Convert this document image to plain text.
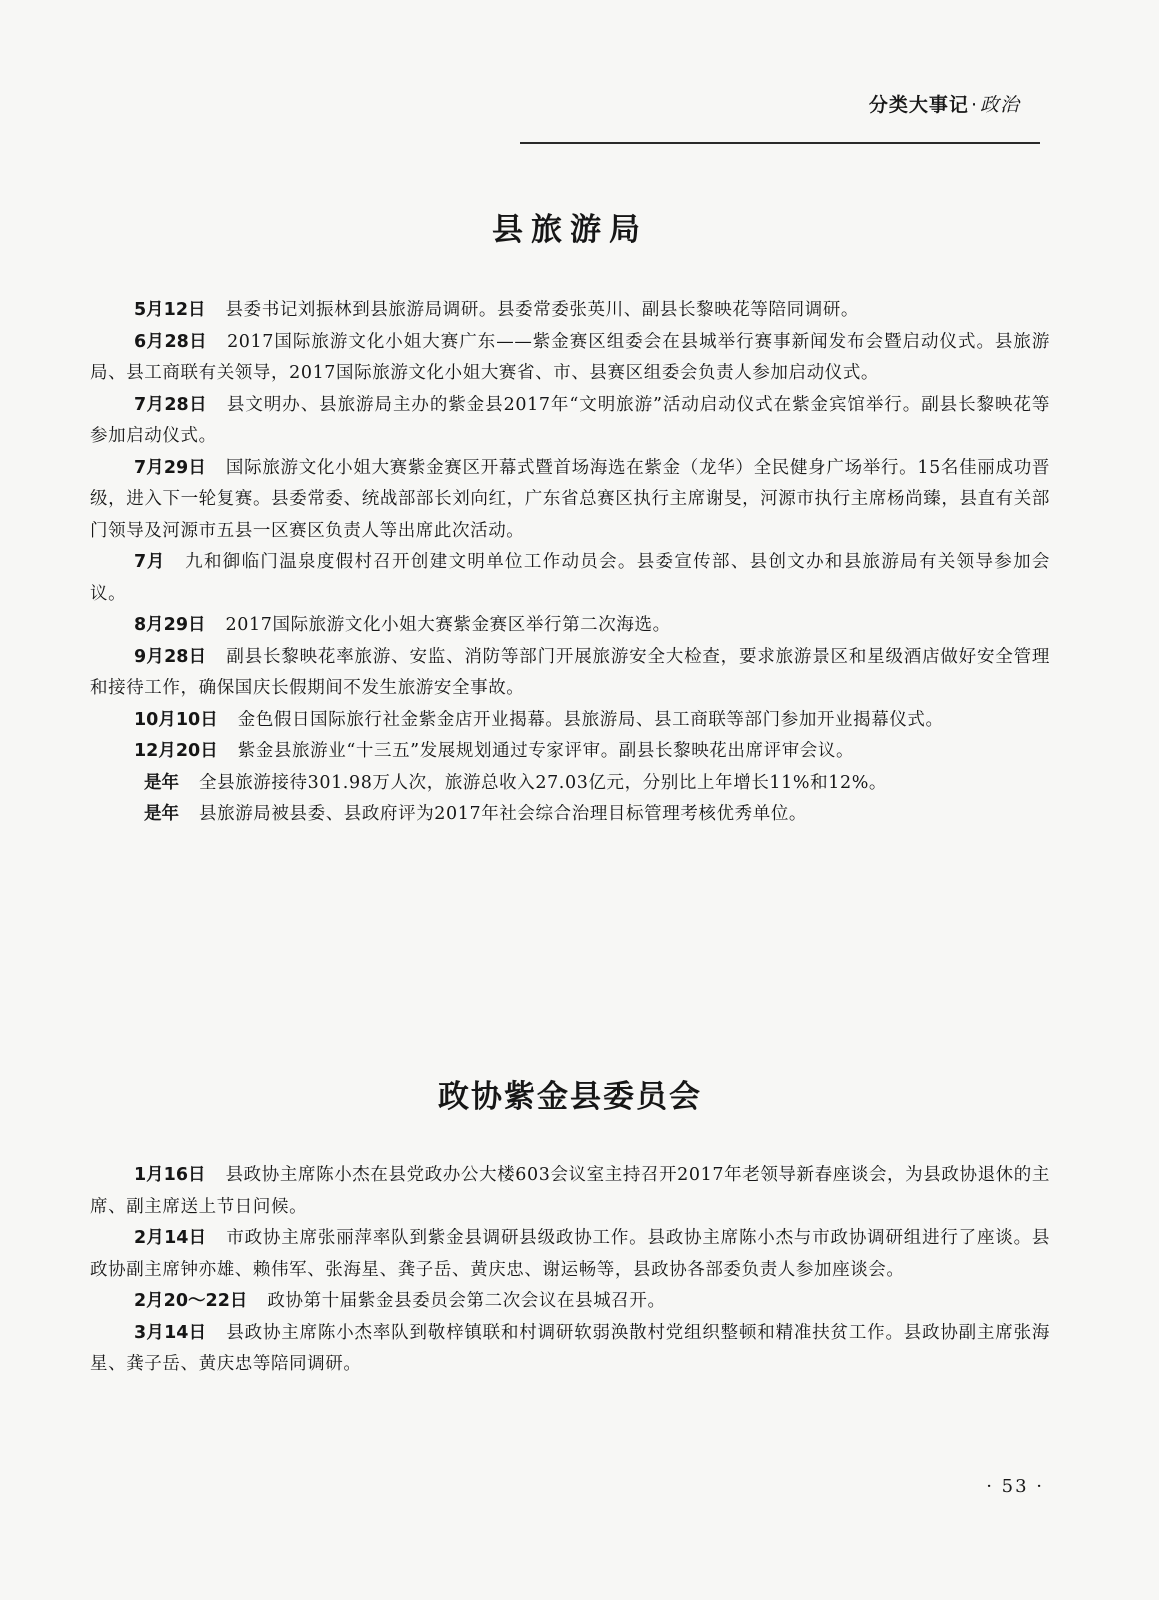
分类大事记 · 政治
县旅游局

5月12日 县委书记刘振林到县旅游局调研。县委常委张英川、副县长黎映花等陪同调研。

6月28日 2017国际旅游文化小姐大赛广东——紫金赛区组委会在县城举行赛事新闻发布会暨启动仪式。县旅游局、县工商联有关领导，2017国际旅游文化小姐大赛省、市、县赛区组委会负责人参加启动仪式。

7月28日 县文明办、县旅游局主办的紫金县2017年“文明旅游”活动启动仪式在紫金宾馆举行。副县长黎映花等参加启动仪式。

7月29日 国际旅游文化小姐大赛紫金赛区开幕式暨首场海选在紫金（龙华）全民健身广场举行。15名佳丽成功晋级，进入下一轮复赛。县委常委、统战部部长刘向红，广东省总赛区执行主席谢旻，河源市执行主席杨尚臻，县直有关部门领导及河源市五县一区赛区负责人等出席此次活动。

7月 九和御临门温泉度假村召开创建文明单位工作动员会。县委宣传部、县创文办和县旅游局有关领导参加会议。

8月29日 2017国际旅游文化小姐大赛紫金赛区举行第二次海选。

9月28日 副县长黎映花率旅游、安监、消防等部门开展旅游安全大检查，要求旅游景区和星级酒店做好安全管理和接待工作，确保国庆长假期间不发生旅游安全事故。

10月10日 金色假日国际旅行社金紫金店开业揭幕。县旅游局、县工商联等部门参加开业揭幕仪式。

12月20日 紫金县旅游业“十三五”发展规划通过专家评审。副县长黎映花出席评审会议。

是年 全县旅游接待301.98万人次，旅游总收入27.03亿元，分别比上年增长11%和12%。

是年 县旅游局被县委、县政府评为2017年社会综合治理目标管理考核优秀单位。

政协紫金县委员会

1月16日 县政协主席陈小杰在县党政办公大楼603会议室主持召开2017年老领导新春座谈会，为县政协退休的主席、副主席送上节日问候。

2月14日 市政协主席张丽萍率队到紫金县调研县级政协工作。县政协主席陈小杰与市政协调研组进行了座谈。县政协副主席钟亦雄、赖伟军、张海星、龚子岳、黄庆忠、谢运畅等，县政协各部委负责人参加座谈会。

2月20～22日 政协第十届紫金县委员会第二次会议在县城召开。

3月14日 县政协主席陈小杰率队到敬梓镇联和村调研软弱涣散村党组织整顿和精准扶贫工作。县政协副主席张海星、龚子岳、黄庆忠等陪同调研。

· 53 ·
